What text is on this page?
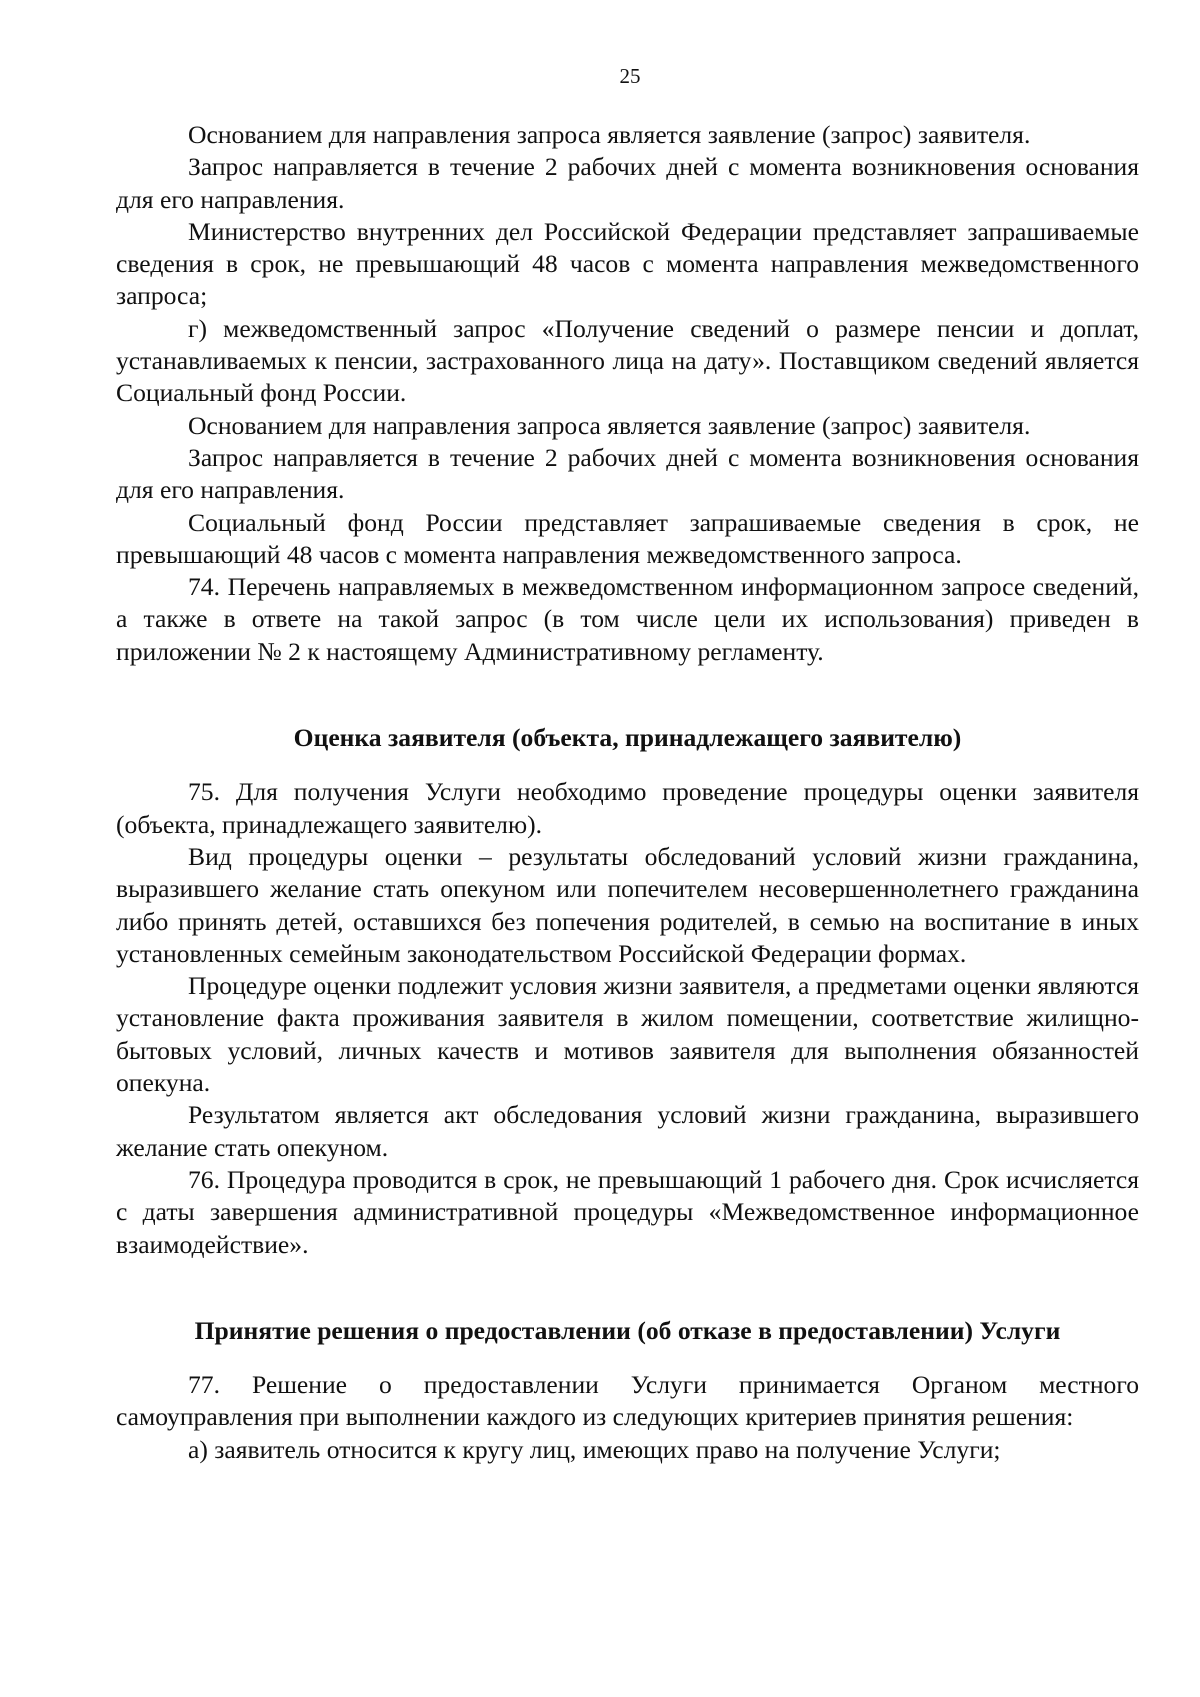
25

Основанием для направления запроса является заявление (запрос) заявителя.

Запрос направляется в течение 2 рабочих дней с момента возникновения основания для его направления.

Министерство внутренних дел Российской Федерации представляет запрашиваемые сведения в срок, не превышающий 48 часов с момента направления межведомственного запроса;

г) межведомственный запрос «Получение сведений о размере пенсии и доплат, устанавливаемых к пенсии, застрахованного лица на дату». Поставщиком сведений является Социальный фонд России.

Основанием для направления запроса является заявление (запрос) заявителя.

Запрос направляется в течение 2 рабочих дней с момента возникновения основания для его направления.

Социальный фонд России представляет запрашиваемые сведения в срок, не превышающий 48 часов с момента направления межведомственного запроса.

74. Перечень направляемых в межведомственном информационном запросе сведений, а также в ответе на такой запрос (в том числе цели их использования) приведен в приложении № 2 к настоящему Административному регламенту.

Оценка заявителя (объекта, принадлежащего заявителю)

75. Для получения Услуги необходимо проведение процедуры оценки заявителя (объекта, принадлежащего заявителю).

Вид процедуры оценки – результаты обследований условий жизни гражданина, выразившего желание стать опекуном или попечителем несовершеннолетнего гражданина либо принять детей, оставшихся без попечения родителей, в семью на воспитание в иных установленных семейным законодательством Российской Федерации формах.

Процедуре оценки подлежит условия жизни заявителя, а предметами оценки являются установление факта проживания заявителя в жилом помещении, соответствие жилищно-бытовых условий, личных качеств и мотивов заявителя для выполнения обязанностей опекуна.

Результатом является акт обследования условий жизни гражданина, выразившего желание стать опекуном.

76. Процедура проводится в срок, не превышающий 1 рабочего дня. Срок исчисляется с даты завершения административной процедуры «Межведомственное информационное взаимодействие».

Принятие решения о предоставлении (об отказе в предоставлении) Услуги

77. Решение о предоставлении Услуги принимается Органом местного самоуправления при выполнении каждого из следующих критериев принятия решения:

а) заявитель относится к кругу лиц, имеющих право на получение Услуги;
